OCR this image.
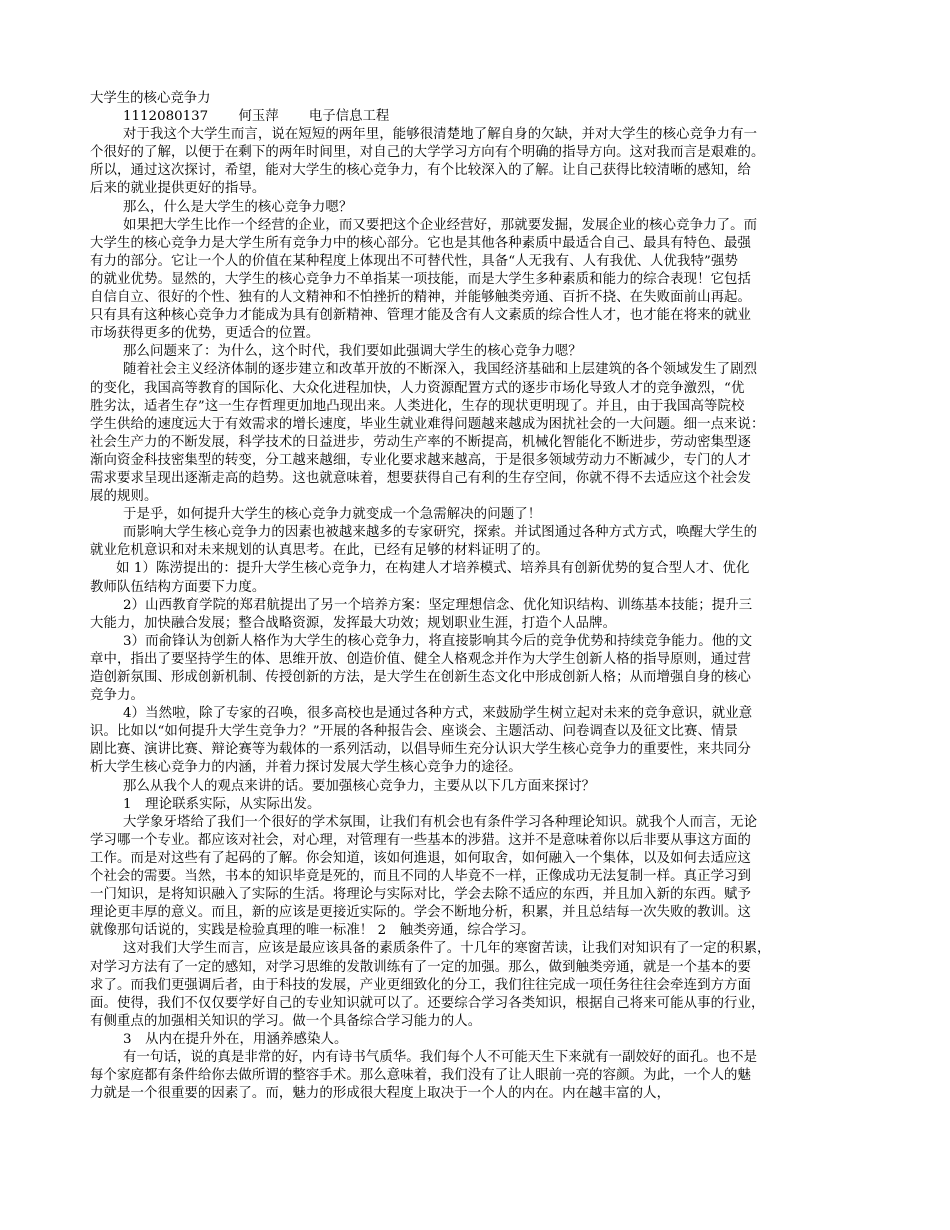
大学生的核心竞争力
1112080137 何玉萍 电子信息工程
对于我这个大学生而言，说在短短的两年里，能够很清楚地了解自身的欠缺，并对大学生的核心竞争力有一
个很好的了解，以便于在剩下的两年时间里，对自己的大学学习方向有个明确的指导方向。这对我而言是艰难的。
所以，通过这次探讨，希望，能对大学生的核心竞争力，有个比较深入的了解。让自己获得比较清晰的感知，给
后来的就业提供更好的指导。
那么，什么是大学生的核心竞争力嗯？
如果把大学生比作一个经营的企业，而又要把这个企业经营好，那就要发掘，发展企业的核心竞争力了。而
大学生的核心竞争力是大学生所有竞争力中的核心部分。它也是其他各种素质中最适合自己、最具有特色、最强
有力的部分。它让一个人的价值在某种程度上体现出不可替代性，具备“人无我有、人有我优、人优我特”强势
的就业优势。显然的，大学生的核心竞争力不单指某一项技能，而是大学生多种素质和能力的综合表现！它包括
自信自立、很好的个性、独有的人文精神和不怕挫折的精神，并能够触类旁通、百折不挠、在失败面前山再起。
只有具有这种核心竞争力才能成为具有创新精神、管理才能及含有人文素质的综合性人才，也才能在将来的就业
市场获得更多的优势，更适合的位置。
那么问题来了：为什么，这个时代，我们要如此强调大学生的核心竞争力嗯？
随着社会主义经济体制的逐步建立和改革开放的不断深入，我国经济基础和上层建筑的各个领域发生了剧烈
的变化，我国高等教育的国际化、大众化进程加快，人力资源配置方式的逐步市场化导致人才的竞争激烈，“优
胜劣汰，适者生存”这一生存哲理更加地凸现出来。人类进化，生存的现状更明现了。并且，由于我国高等院校
学生供给的速度远大于有效需求的增长速度，毕业生就业难得问题越来越成为困扰社会的一大问题。细一点来说：
社会生产力的不断发展，科学技术的日益进步，劳动生产率的不断提高，机械化智能化不断进步，劳动密集型逐
渐向资金科技密集型的转变，分工越来越细，专业化要求越来越高，于是很多领域劳动力不断减少，专门的人才
需求要求呈现出逐渐走高的趋势。这也就意味着，想要获得自己有利的生存空间，你就不得不去适应这个社会发
展的规则。
于是乎，如何提升大学生的核心竞争力就变成一个急需解决的问题了！
而影响大学生核心竞争力的因素也被越来越多的专家研究，探索。并试图通过各种方式方式，唤醒大学生的
就业危机意识和对未来规划的认真思考。在此，已经有足够的材料证明了的。
如 1）陈涝提出的：提升大学生核心竞争力，在构建人才培养模式、培养具有创新优势的复合型人才、优化
教师队伍结构方面要下力度。
2）山西教育学院的郑君航提出了另一个培养方案：坚定理想信念、优化知识结构、训练基本技能；提升三
大能力，加快融合发展；整合战略资源，发挥最大功效；规划职业生涯，打造个人品牌。
3）而俞锋认为创新人格作为大学生的核心竞争力，将直接影响其今后的竞争优势和持续竞争能力。他的文
章中，指出了要坚持学生的体、思维开放、创造价值、健全人格观念并作为大学生创新人格的指导原则，通过营
造创新氛围、形成创新机制、传授创新的方法，是大学生在创新生态文化中形成创新人格；从而增强自身的核心
竞争力。
4）当然啦，除了专家的召唤，很多高校也是通过各种方式，来鼓励学生树立起对未来的竞争意识，就业意
识。比如以“如何提升大学生竞争力？”开展的各种报告会、座谈会、主题活动、问卷调查以及征文比赛、情景
剧比赛、演讲比赛、辩论赛等为载体的一系列活动，以倡导师生充分认识大学生核心竞争力的重要性，来共同分
析大学生核心竞争力的内涵，并着力探讨发展大学生核心竞争力的途径。
那么从我个人的观点来讲的话。要加强核心竞争力，主要从以下几方面来探讨？
1　理论联系实际，从实际出发。
大学象牙塔给了我们一个很好的学术氛围，让我们有机会也有条件学习各种理论知识。就我个人而言，无论
学习哪一个专业。都应该对社会，对心理，对管理有一些基本的涉猎。这并不是意味着你以后非要从事这方面的
工作。而是对这些有了起码的了解。你会知道，该如何進退，如何取舍，如何融入一个集体，以及如何去适应这
个社会的需要。当然，书本的知识毕竟是死的，而且不同的人毕竟不一样，正像成功无法复制一样。真正学习到
一门知识，是将知识融入了实际的生活。将理论与实际对比，学会去除不适应的东西，并且加入新的东西。赋予
理论更丰厚的意义。而且，新的应该是更接近实际的。学会不断地分析，积累，并且总结每一次失败的教训。这
就像那句话说的，实践是检验真理的唯一标准！ 2　触类旁通，综合学习。
这对我们大学生而言，应该是最应该具备的素质条件了。十几年的寒窗苦读，让我们对知识有了一定的积累，
对学习方法有了一定的感知，对学习思维的发散训练有了一定的加强。那么，做到触类旁通，就是一个基本的要
求了。而我们更强调后者，由于科技的发展，产业更细致化的分工，我们往往完成一项任务往往会牵连到方方面
面。使得，我们不仅仅要学好自己的专业知识就可以了。还要综合学习各类知识，根据自己将来可能从事的行业，
有侧重点的加强相关知识的学习。做一个具备综合学习能力的人。
3　从内在提升外在，用涵养感染人。
有一句话，说的真是非常的好，内有诗书气质华。我们每个人不可能天生下来就有一副姣好的面孔。也不是
每个家庭都有条件给你去做所谓的整容手术。那么意味着，我们没有了让人眼前一亮的容颜。为此，一个人的魅
力就是一个很重要的因素了。而，魅力的形成很大程度上取决于一个人的内在。内在越丰富的人，
